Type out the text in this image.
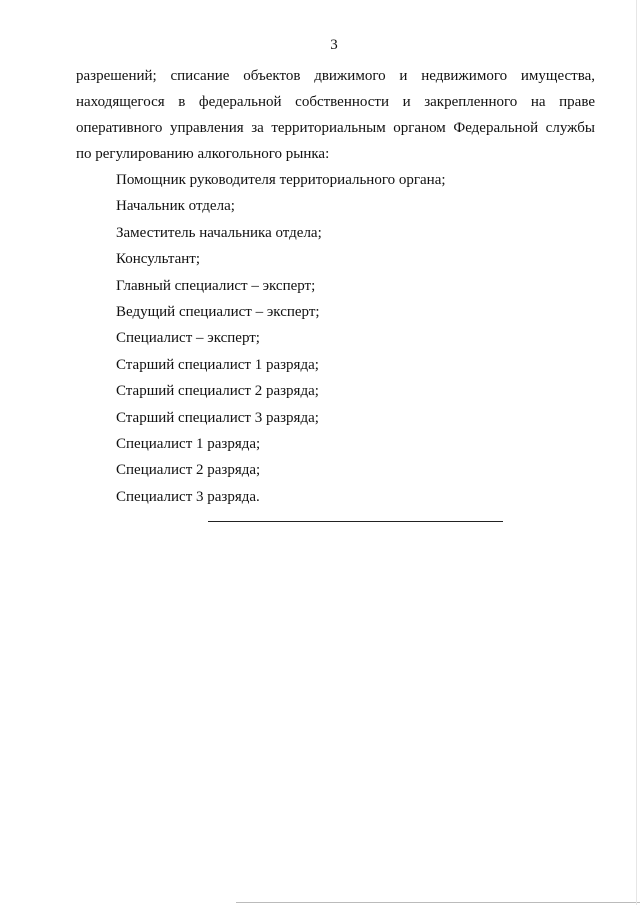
3
разрешений; списание объектов движимого и недвижимого имущества,
находящегося в федеральной собственности и закрепленного на праве
оперативного управления за территориальным органом Федеральной службы
по регулированию алкогольного рынка:
Помощник руководителя территориального органа;
Начальник отдела;
Заместитель начальника отдела;
Консультант;
Главный специалист – эксперт;
Ведущий специалист – эксперт;
Специалист – эксперт;
Старший специалист 1 разряда;
Старший специалист 2 разряда;
Старший специалист 3 разряда;
Специалист 1 разряда;
Специалист 2 разряда;
Специалист 3 разряда.
